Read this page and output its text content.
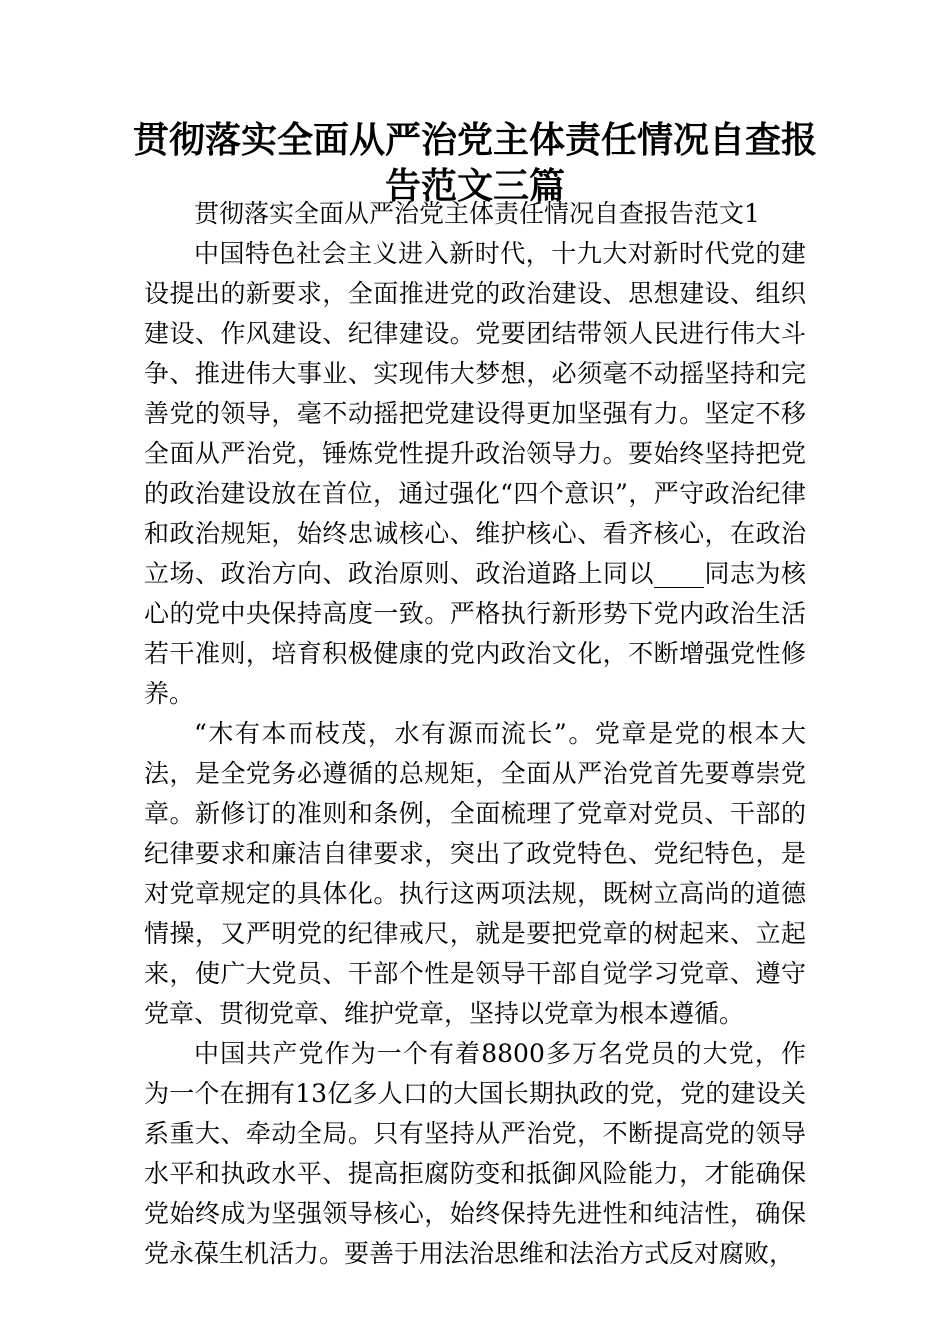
贯彻落实全面从严治党主体责任情况自查报
告范文三篇

贯彻落实全面从严治党主体责任情况自查报告范文1

中国特色社会主义进入新时代，十九大对新时代党的建设提出的新要求，全面推进党的政治建设、思想建设、组织建设、作风建设、纪律建设。党要团结带领人民进行伟大斗争、推进伟大事业、实现伟大梦想，必须毫不动摇坚持和完善党的领导，毫不动摇把党建设得更加坚强有力。坚定不移全面从严治党，锤炼党性提升政治领导力。要始终坚持把党的政治建设放在首位，通过强化“四个意识”，严守政治纪律和政治规矩，始终忠诚核心、维护核心、看齐核心，在政治立场、政治方向、政治原则、政治道路上同以____同志为核心的党中央保持高度一致。严格执行新形势下党内政治生活若干准则，培育积极健康的党内政治文化，不断增强党性修养。

“木有本而枝茂，水有源而流长”。党章是党的根本大法，是全党务必遵循的总规矩，全面从严治党首先要尊崇党章。新修订的准则和条例，全面梳理了党章对党员、干部的纪律要求和廉洁自律要求，突出了政党特色、党纪特色，是对党章规定的具体化。执行这两项法规，既树立高尚的道德情操，又严明党的纪律戒尺，就是要把党章的树起来、立起来，使广大党员、干部个性是领导干部自觉学习党章、遵守党章、贯彻党章、维护党章，坚持以党章为根本遵循。

中国共产党作为一个有着8800多万名党员的大党，作为一个在拥有13亿多人口的大国长期执政的党，党的建设关系重大、牵动全局。只有坚持从严治党，不断提高党的领导水平和执政水平、提高拒腐防变和抵御风险能力，才能确保党始终成为坚强领导核心，始终保持先进性和纯洁性，确保党永葆生机活力。要善于用法治思维和法治方式反对腐败，
